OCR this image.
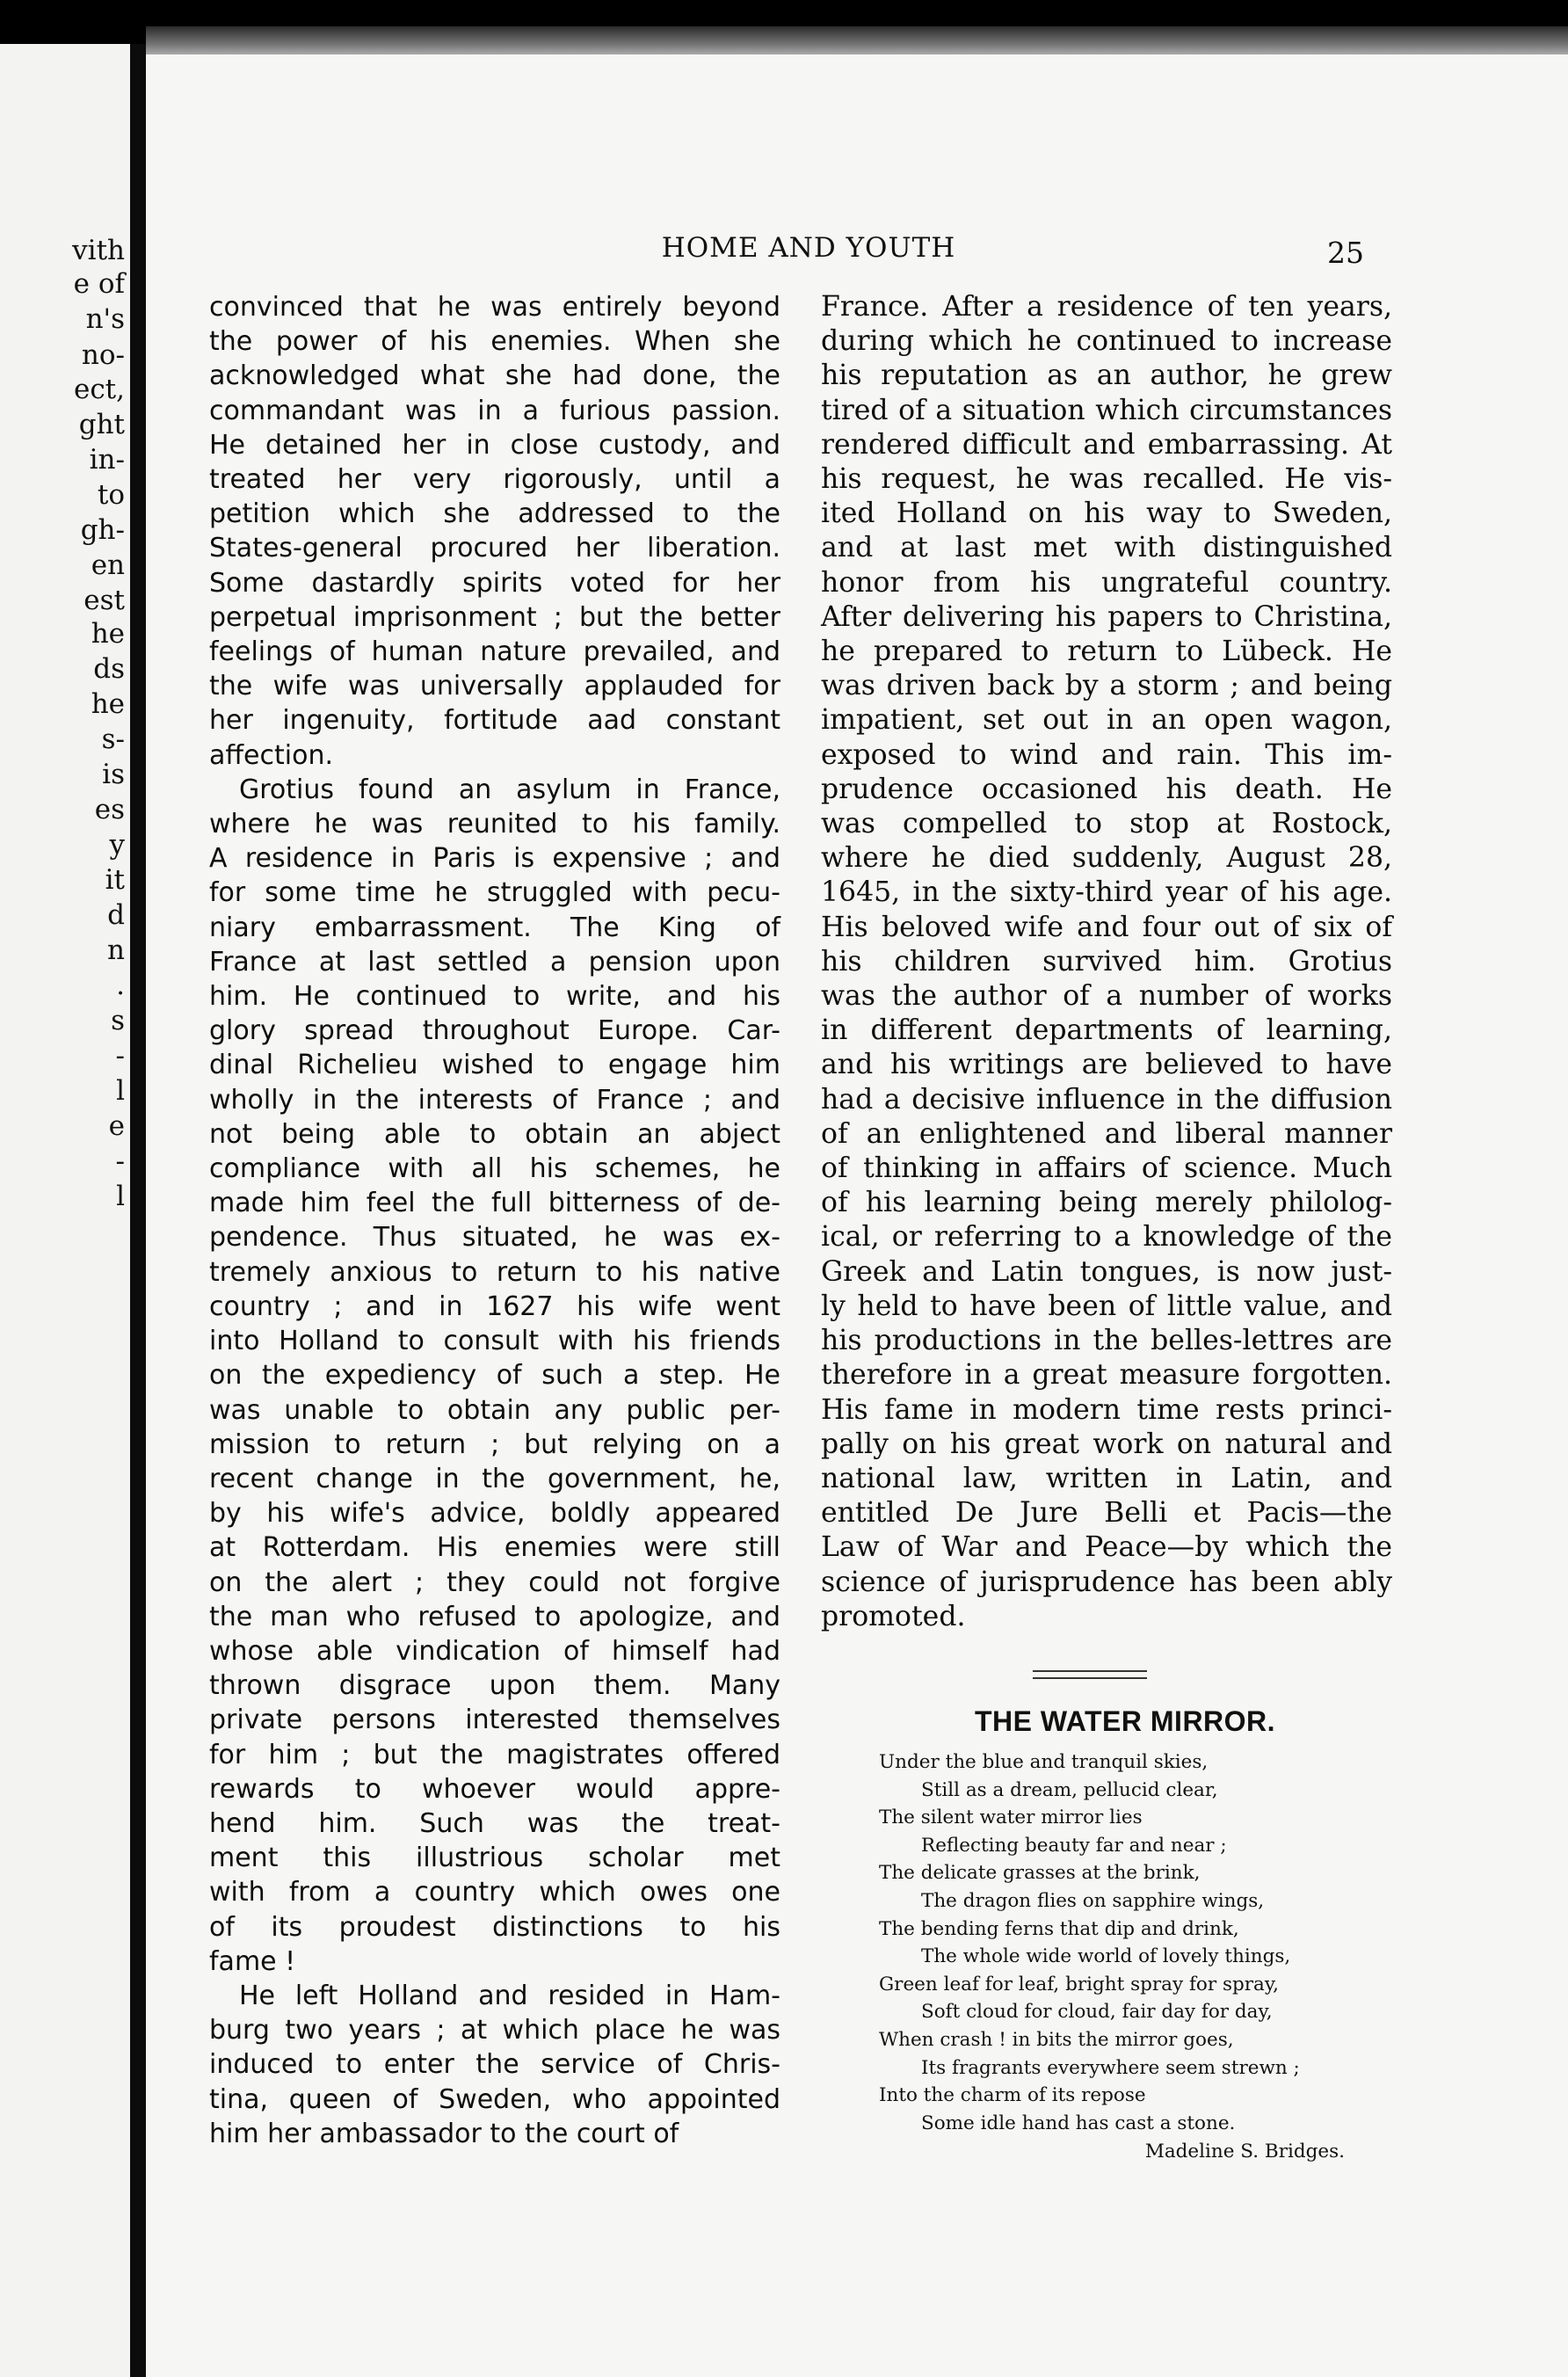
vith
e of
n's
no-
ect,
ght
in-
to
gh-
en
est
he
ds
he
s-
is
es
y
it
d
n
.
s
-
l
e
-
l
HOME AND YOUTH	25
convinced that he was entirely beyond
the power of his enemies. When she
acknowledged what she had done, the
commandant was in a furious passion.
He detained her in close custody, and
treated her very rigorously, until a
petition which she addressed to the
States-general procured her liberation.
Some dastardly spirits voted for her
perpetual imprisonment ; but the better
feelings of human nature prevailed, and
the wife was universally applauded for
her ingenuity, fortitude aad constant
affection.
Grotius found an asylum in France,
where he was reunited to his family.
A residence in Paris is expensive ; and
for some time he struggled with pecu-
niary embarrassment. The King of
France at last settled a pension upon
him. He continued to write, and his
glory spread throughout Europe. Car-
dinal Richelieu wished to engage him
wholly in the interests of France ; and
not being able to obtain an abject
compliance with all his schemes, he
made him feel the full bitterness of de-
pendence. Thus situated, he was ex-
tremely anxious to return to his native
country ; and in 1627 his wife went
into Holland to consult with his friends
on the expediency of such a step. He
was unable to obtain any public per-
mission to return ; but relying on a
recent change in the government, he,
by his wife's advice, boldly appeared
at Rotterdam. His enemies were still
on the alert ; they could not forgive
the man who refused to apologize, and
whose able vindication of himself had
thrown disgrace upon them. Many
private persons interested themselves
for him ; but the magistrates offered
rewards to whoever would appre-
hend him. Such was the treat-
ment this illustrious scholar met
with from a country which owes one
of its proudest distinctions to his
fame !
He left Holland and resided in Ham-
burg two years ; at which place he was
induced to enter the service of Chris-
tina, queen of Sweden, who appointed
him her ambassador to the court of
France. After a residence of ten years,
during which he continued to increase
his reputation as an author, he grew
tired of a situation which circumstances
rendered difficult and embarrassing. At
his request, he was recalled. He vis-
ited Holland on his way to Sweden,
and at last met with distinguished
honor from his ungrateful country.
After delivering his papers to Christina,
he prepared to return to Lübeck. He
was driven back by a storm ; and being
impatient, set out in an open wagon,
exposed to wind and rain. This im-
prudence occasioned his death. He
was compelled to stop at Rostock,
where he died suddenly, August 28,
1645, in the sixty-third year of his age.
His beloved wife and four out of six of
his children survived him. Grotius
was the author of a number of works
in different departments of learning,
and his writings are believed to have
had a decisive influence in the diffusion
of an enlightened and liberal manner
of thinking in affairs of science. Much
of his learning being merely philolog-
ical, or referring to a knowledge of the
Greek and Latin tongues, is now just-
ly held to have been of little value, and
his productions in the belles-lettres are
therefore in a great measure forgotten.
His fame in modern time rests princi-
pally on his great work on natural and
national law, written in Latin, and
entitled De Jure Belli et Pacis—the
Law of War and Peace—by which the
science of jurisprudence has been ably
promoted.
THE WATER MIRROR.
Under the blue and tranquil skies,
Still as a dream, pellucid clear,
The silent water mirror lies
Reflecting beauty far and near ;
The delicate grasses at the brink,
The dragon flies on sapphire wings,
The bending ferns that dip and drink,
The whole wide world of lovely things,
Green leaf for leaf, bright spray for spray,
Soft cloud for cloud, fair day for day,
When crash ! in bits the mirror goes,
Its fragrants everywhere seem strewn ;
Into the charm of its repose
Some idle hand has cast a stone.
Madeline S. Bridges.
